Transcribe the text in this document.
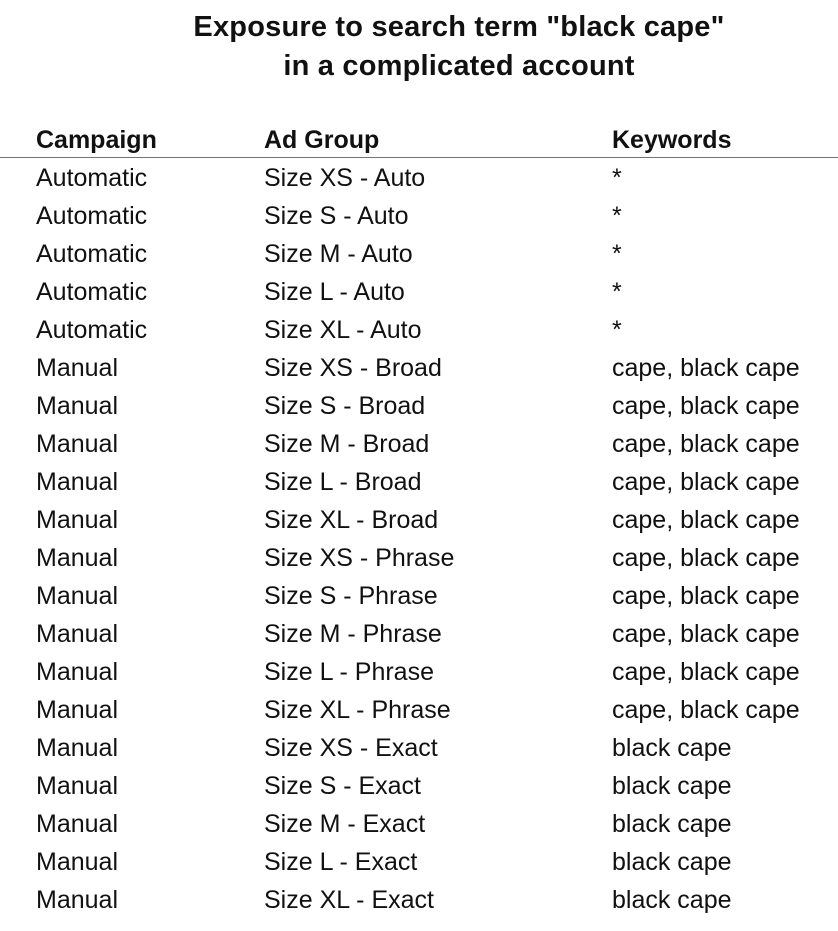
Exposure to search term "black cape"
in a complicated account
Campaign	Ad Group	Keywords
Automatic	Size XS - Auto	*
Automatic	Size S - Auto	*
Automatic	Size M - Auto	*
Automatic	Size L - Auto	*
Automatic	Size XL - Auto	*
Manual	Size XS - Broad	cape, black cape
Manual	Size S - Broad	cape, black cape
Manual	Size M - Broad	cape, black cape
Manual	Size L - Broad	cape, black cape
Manual	Size XL - Broad	cape, black cape
Manual	Size XS - Phrase	cape, black cape
Manual	Size S - Phrase	cape, black cape
Manual	Size M - Phrase	cape, black cape
Manual	Size L - Phrase	cape, black cape
Manual	Size XL - Phrase	cape, black cape
Manual	Size XS - Exact	black cape
Manual	Size S - Exact	black cape
Manual	Size M - Exact	black cape
Manual	Size L - Exact	black cape
Manual	Size XL - Exact	black cape
